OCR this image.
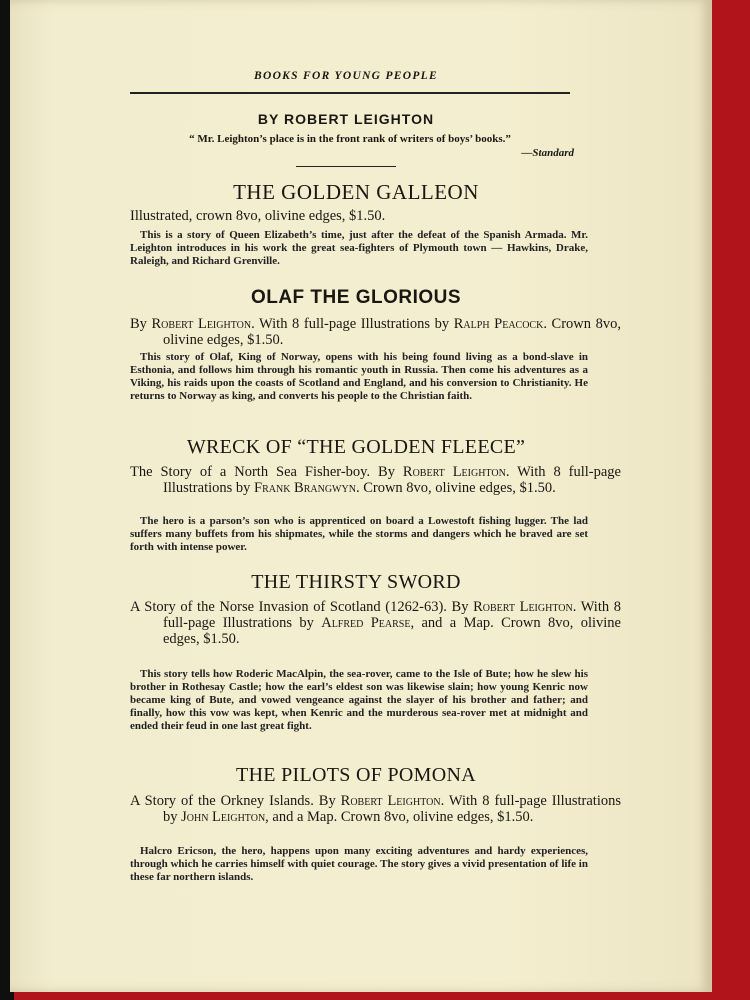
BOOKS FOR YOUNG PEOPLE
BY ROBERT LEIGHTON
“ Mr. Leighton’s place is in the front rank of writers of boys’ books.”
—Standard
THE GOLDEN GALLEON
Illustrated, crown 8vo, olivine edges, $1.50.
This is a story of Queen Elizabeth’s time, just after the defeat of the Spanish Armada. Mr. Leighton introduces in his work the great sea-fighters of Plymouth town — Hawkins, Drake, Raleigh, and Richard Grenville.
OLAF THE GLORIOUS
By Robert Leighton. With 8 full-page Illustrations by Ralph Peacock. Crown 8vo, olivine edges, $1.50.
This story of Olaf, King of Norway, opens with his being found living as a bond-slave in Esthonia, and follows him through his romantic youth in Russia. Then come his adventures as a Viking, his raids upon the coasts of Scotland and England, and his conversion to Christianity. He returns to Norway as king, and converts his people to the Christian faith.
WRECK OF “THE GOLDEN FLEECE”
The Story of a North Sea Fisher-boy. By Robert Leighton. With 8 full-page Illustrations by Frank Brangwyn. Crown 8vo, olivine edges, $1.50.
The hero is a parson’s son who is apprenticed on board a Lowestoft fishing lugger. The lad suffers many buffets from his shipmates, while the storms and dangers which he braved are set forth with intense power.
THE THIRSTY SWORD
A Story of the Norse Invasion of Scotland (1262-63). By Robert Leighton. With 8 full-page Illustrations by Alfred Pearse, and a Map. Crown 8vo, olivine edges, $1.50.
This story tells how Roderic MacAlpin, the sea-rover, came to the Isle of Bute; how he slew his brother in Rothesay Castle; how the earl’s eldest son was likewise slain; how young Kenric now became king of Bute, and vowed vengeance against the slayer of his brother and father; and finally, how this vow was kept, when Kenric and the murderous sea-rover met at midnight and ended their feud in one last great fight.
THE PILOTS OF POMONA
A Story of the Orkney Islands. By Robert Leighton. With 8 full-page Illustrations by John Leighton, and a Map. Crown 8vo, olivine edges, $1.50.
Halcro Ericson, the hero, happens upon many exciting adventures and hardy experiences, through which he carries himself with quiet courage. The story gives a vivid presentation of life in these far northern islands.
